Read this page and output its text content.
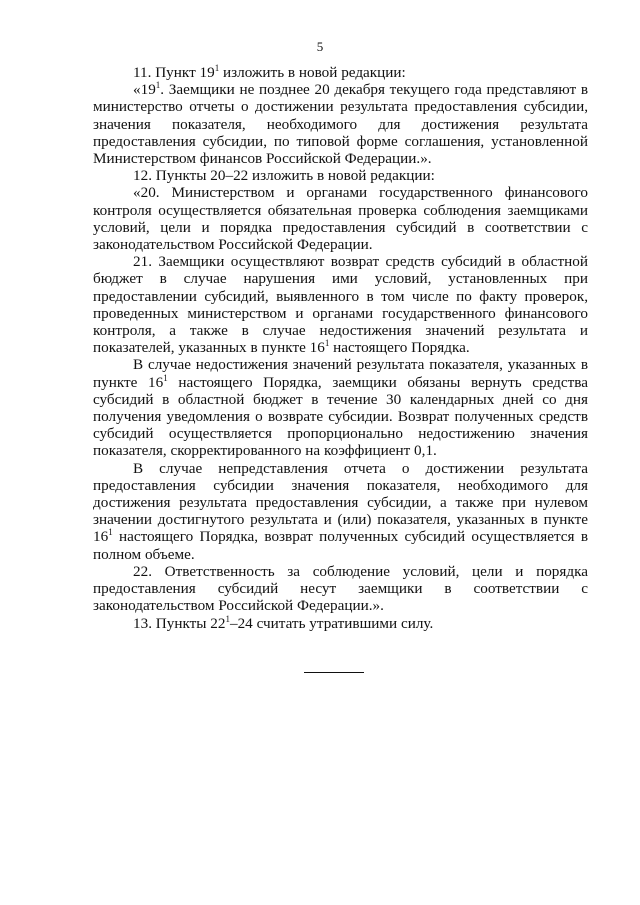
5

11. Пункт $19^1$ изложить в новой редакции:

«$19^1$. Заемщики не позднее 20 декабря текущего года представляют в министерство отчеты о достижении результата предоставления субсидии, значения показателя, необходимого для достижения результата предоставления субсидии, по типовой форме соглашения, установленной Министерством финансов Российской Федерации.».

12. Пункты 20–22 изложить в новой редакции:

«20. Министерством и органами государственного финансового контроля осуществляется обязательная проверка соблюдения заемщиками условий, цели и порядка предоставления субсидий в соответствии с законодательством Российской Федерации.

21. Заемщики осуществляют возврат средств субсидий в областной бюджет в случае нарушения ими условий, установленных при предоставлении субсидий, выявленного в том числе по факту проверок, проведенных министерством и органами государственного финансового контроля, а также в случае недостижения значений результата и показателей, указанных в пункте $16^1$ настоящего Порядка.

В случае недостижения значений результата показателя, указанных в пункте $16^1$ настоящего Порядка, заемщики обязаны вернуть средства субсидий в областной бюджет в течение 30 календарных дней со дня получения уведомления о возврате субсидии. Возврат полученных средств субсидий осуществляется пропорционально недостижению значения показателя, скорректированного на коэффициент 0,1.

В случае непредставления отчета о достижении результата предоставления субсидии значения показателя, необходимого для достижения результата предоставления субсидии, а также при нулевом значении достигнутого результата и (или) показателя, указанных в пункте $16^1$ настоящего Порядка, возврат полученных субсидий осуществляется в полном объеме.

22. Ответственность за соблюдение условий, цели и порядка предоставления субсидий несут заемщики в соответствии с законодательством Российской Федерации.».

13. Пункты $22^1-24$ считать утратившими силу.
